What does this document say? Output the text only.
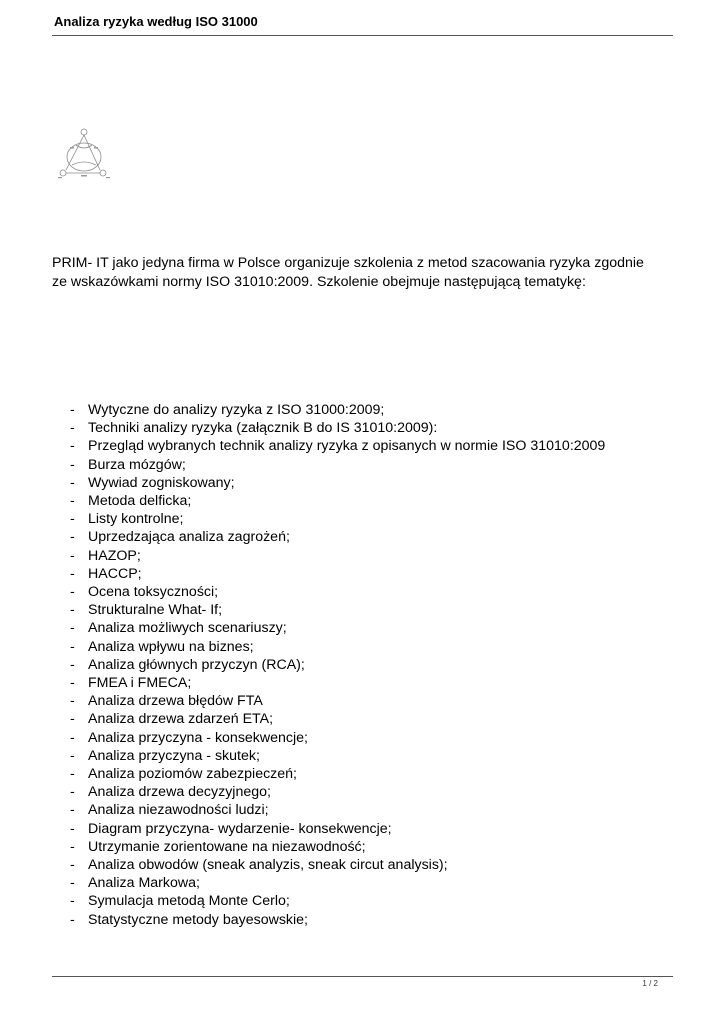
Analiza ryzyka według ISO 31000

PRIM- IT jako jedyna firma w Polsce organizuje szkolenia z metod szacowania ryzyka zgodnie

ze wskazówkami normy ISO 31010:2009. Szkolenie obejmuje następującą tematykę:

- Wytyczne do analizy ryzyka z ISO 31000:2009;
- Techniki analizy ryzyka (załącznik B do IS 31010:2009):
- Przegląd wybranych technik analizy ryzyka z opisanych w normie ISO 31010:2009
- Burza mózgów;
- Wywiad zogniskowany;
- Metoda delficka;
- Listy kontrolne;
- Uprzedzająca analiza zagrożeń;
- HAZOP;
- HACCP;
- Ocena toksyczności;
- Strukturalne What- If;
- Analiza możliwych scenariuszy;
- Analiza wpływu na biznes;
- Analiza głównych przyczyn (RCA);
- FMEA i FMECA;
- Analiza drzewa błędów FTA
- Analiza drzewa zdarzeń ETA;
- Analiza przyczyna - konsekwencje;
- Analiza przyczyna - skutek;
- Analiza poziomów zabezpieczeń;
- Analiza drzewa decyzyjnego;
- Analiza niezawodności ludzi;
- Diagram przyczyna- wydarzenie- konsekwencje;
- Utrzymanie zorientowane na niezawodność;
- Analiza obwodów (sneak analyzis, sneak circut analysis);
- Analiza Markowa;
- Symulacja metodą Monte Cerlo;
- Statystyczne metody bayesowskie;
1 / 2
